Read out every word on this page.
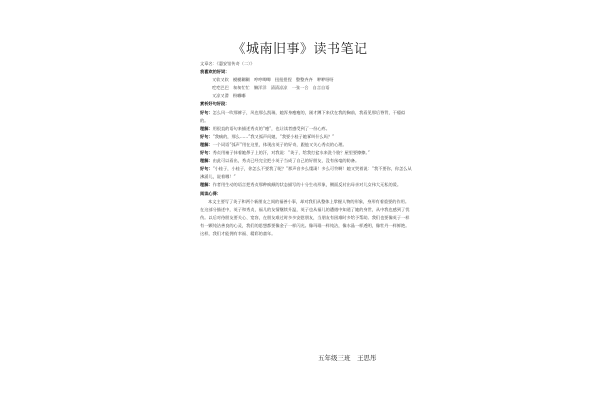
《城南旧事》读书笔记

文章名：《惠安馆传奇（二）》

我喜欢的好词：

又软又软　 模模糊糊　 哼哼唧唧　 扭扭捏捏　 整整齐齐　 咿咿呀呀

疙疙巴巴　 匆匆忙忙　 懒洋洋　 清清凉凉　 一张一合　 自言自语

又凉又滑　 粉嘟嘟

赏析好句好段：

好句：怎么风一吹那裤子，风也那么凯瑞，她浑身瘦瘦的，刚才蹲下来伏在我的胸前，我看见那后脊背，干瘪似的。

理解：用很直的语句来描述秀贞的“瘦”，也让读者感受到了一份心疼。

好句：“我痛的，那么……”我又弧声问她，“我要小桂子她爹叫什么吗？”

理解：一个词语“弧声”用在这里，体现出英子的好奇，跟他又关心秀贞的心理。

好句：秀贞用袖子抹着她鼻子上的汗，对我说：“英子，给我打盆水来洗个脸？屋里要擦擦。”

理解：由此可以看出，秀贞已经完全把小英子当成了自己的好朋友，没有丝毫的防备。

好句：“小桂子，小桂子，你怎么不要我了呢？”那声音多么悽凄！多么可怜啊！她又哭着说：“我不要你，你怎么从沸涌儿，说着哪！”

理解：作者用生动的语言把秀贞那种疯颠的状态描写的十分生动形象，侧面反衬出母亲对儿女伟大无私的爱。

阅读心得：

本文主要写了英子和两个新朋友之间的福善小事，却对我们从整体上掌握人物的形象，身形有着重要的作用。在这部分描述中，英子和秀贞，福儿的友情继续升温，英子也从福儿的遭遇中知道了她的身世，从中我也感到了忧伤。以后对待朋友要关心、宽容，在朋友难过时多多安慰朋友，当朋友有困难时多给予帮助。我们也要像英子一样有一颗纯洁善良的心灵，我们的思想都要像金子一样闪光。像玛瑙一样纯洁，像水晶一样透明，像牡丹一样鲜艳。这样，我们才能拥有幸福、精彩的童年。

五年级三班　王思彤
